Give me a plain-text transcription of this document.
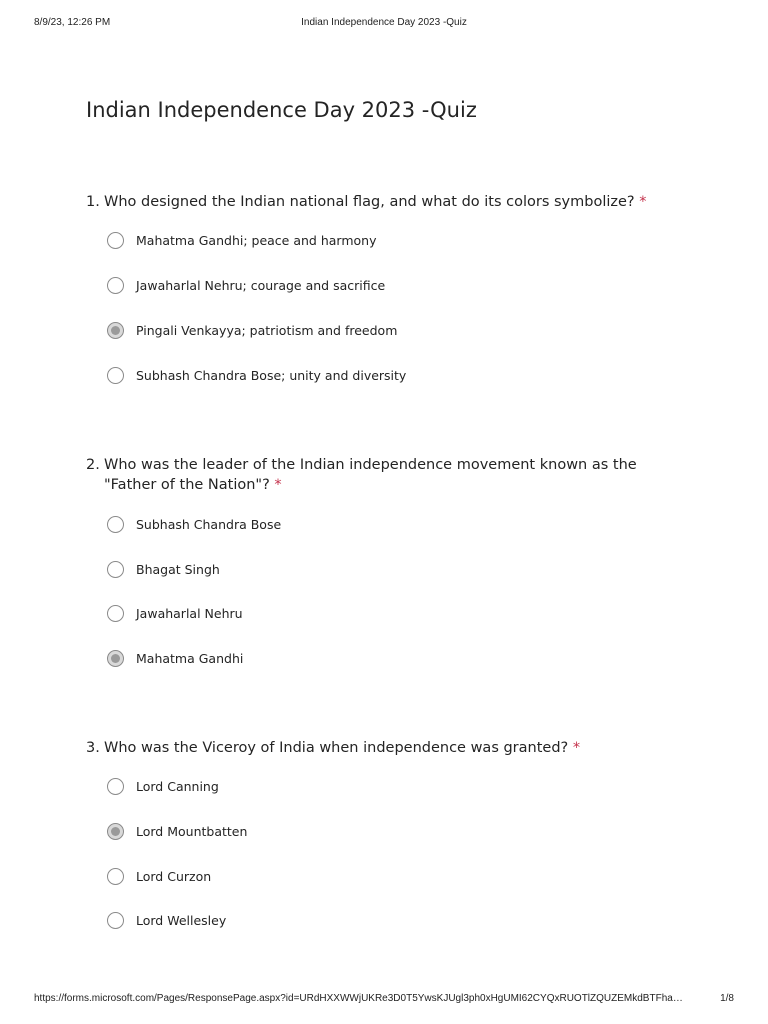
8/9/23, 12:26 PM	Indian Independence Day 2023 -Quiz
Indian Independence Day 2023 -Quiz
1. Who designed the Indian national flag, and what do its colors symbolize? *
Mahatma Gandhi; peace and harmony
Jawaharlal Nehru; courage and sacrifice
Pingali Venkayya; patriotism and freedom
Subhash Chandra Bose; unity and diversity
2. Who was the leader of the Indian independence movement known as the "Father of the Nation"? *
Subhash Chandra Bose
Bhagat Singh
Jawaharlal Nehru
Mahatma Gandhi
3. Who was the Viceroy of India when independence was granted? *
Lord Canning
Lord Mountbatten
Lord Curzon
Lord Wellesley
https://forms.microsoft.com/Pages/ResponsePage.aspx?id=URdHXXWWjUKRe3D0T5YwsKJUgl3ph0xHgUMI62CYQxRUOTlZQUZEMkdBTFha…	1/8
